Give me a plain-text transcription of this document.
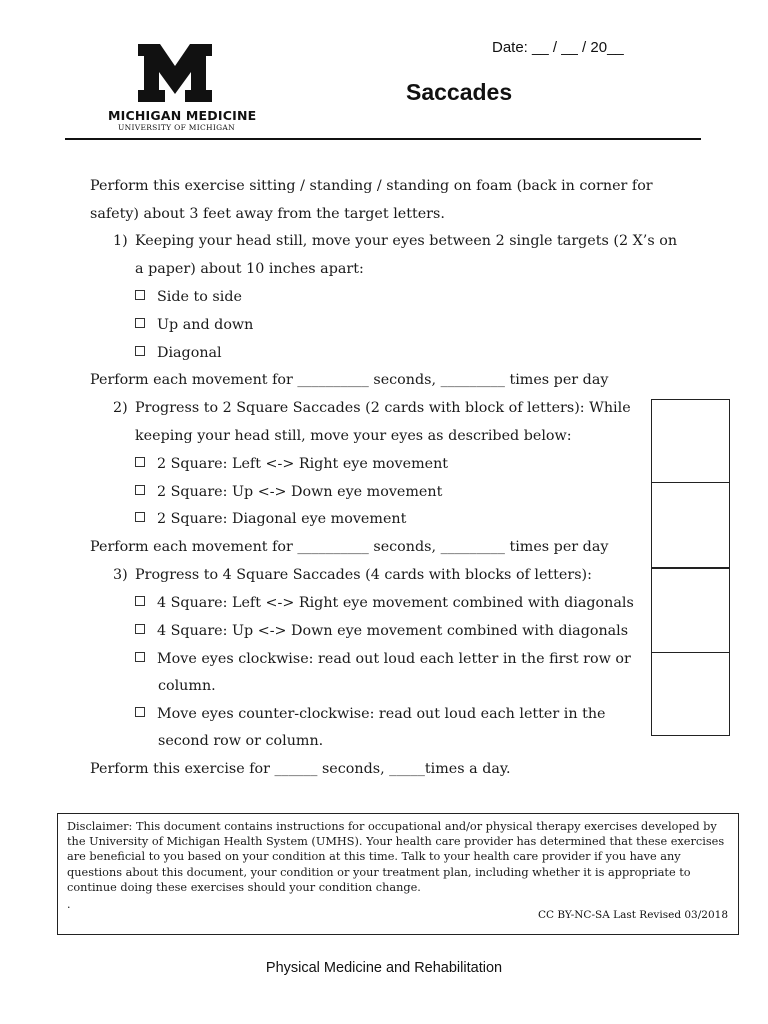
MICHIGAN MEDICINE
UNIVERSITY OF MICHIGAN
Date: __ / __ / 20__
Saccades
Perform this exercise sitting / standing / standing on foam (back in corner for
safety) about 3 feet away from the target letters.
1) Keeping your head still, move your eyes between 2 single targets (2 X’s on
a paper) about 10 inches apart:
Side to side
Up and down
Diagonal
Perform each movement for __________ seconds, _________ times per day
2) Progress to 2 Square Saccades (2 cards with block of letters): While
keeping your head still, move your eyes as described below:
2 Square: Left <-> Right eye movement
2 Square: Up <-> Down eye movement
2 Square: Diagonal eye movement
Perform each movement for __________ seconds, _________ times per day
3) Progress to 4 Square Saccades (4 cards with blocks of letters):
4 Square: Left <-> Right eye movement combined with diagonals
4 Square: Up <-> Down eye movement combined with diagonals
Move eyes clockwise: read out loud each letter in the first row or
column.
Move eyes counter-clockwise: read out loud each letter in the
second row or column.
Perform this exercise for ______ seconds, _____times a day.
Disclaimer: This document contains instructions for occupational and/or physical therapy exercises developed by the University of Michigan Health System (UMHS). Your health care provider has determined that these exercises are beneficial to you based on your condition at this time. Talk to your health care provider if you have any questions about this document, your condition or your treatment plan, including whether it is appropriate to continue doing these exercises should your condition change.
.
CC BY-NC-SA Last Revised 03/2018
Physical Medicine and Rehabilitation
